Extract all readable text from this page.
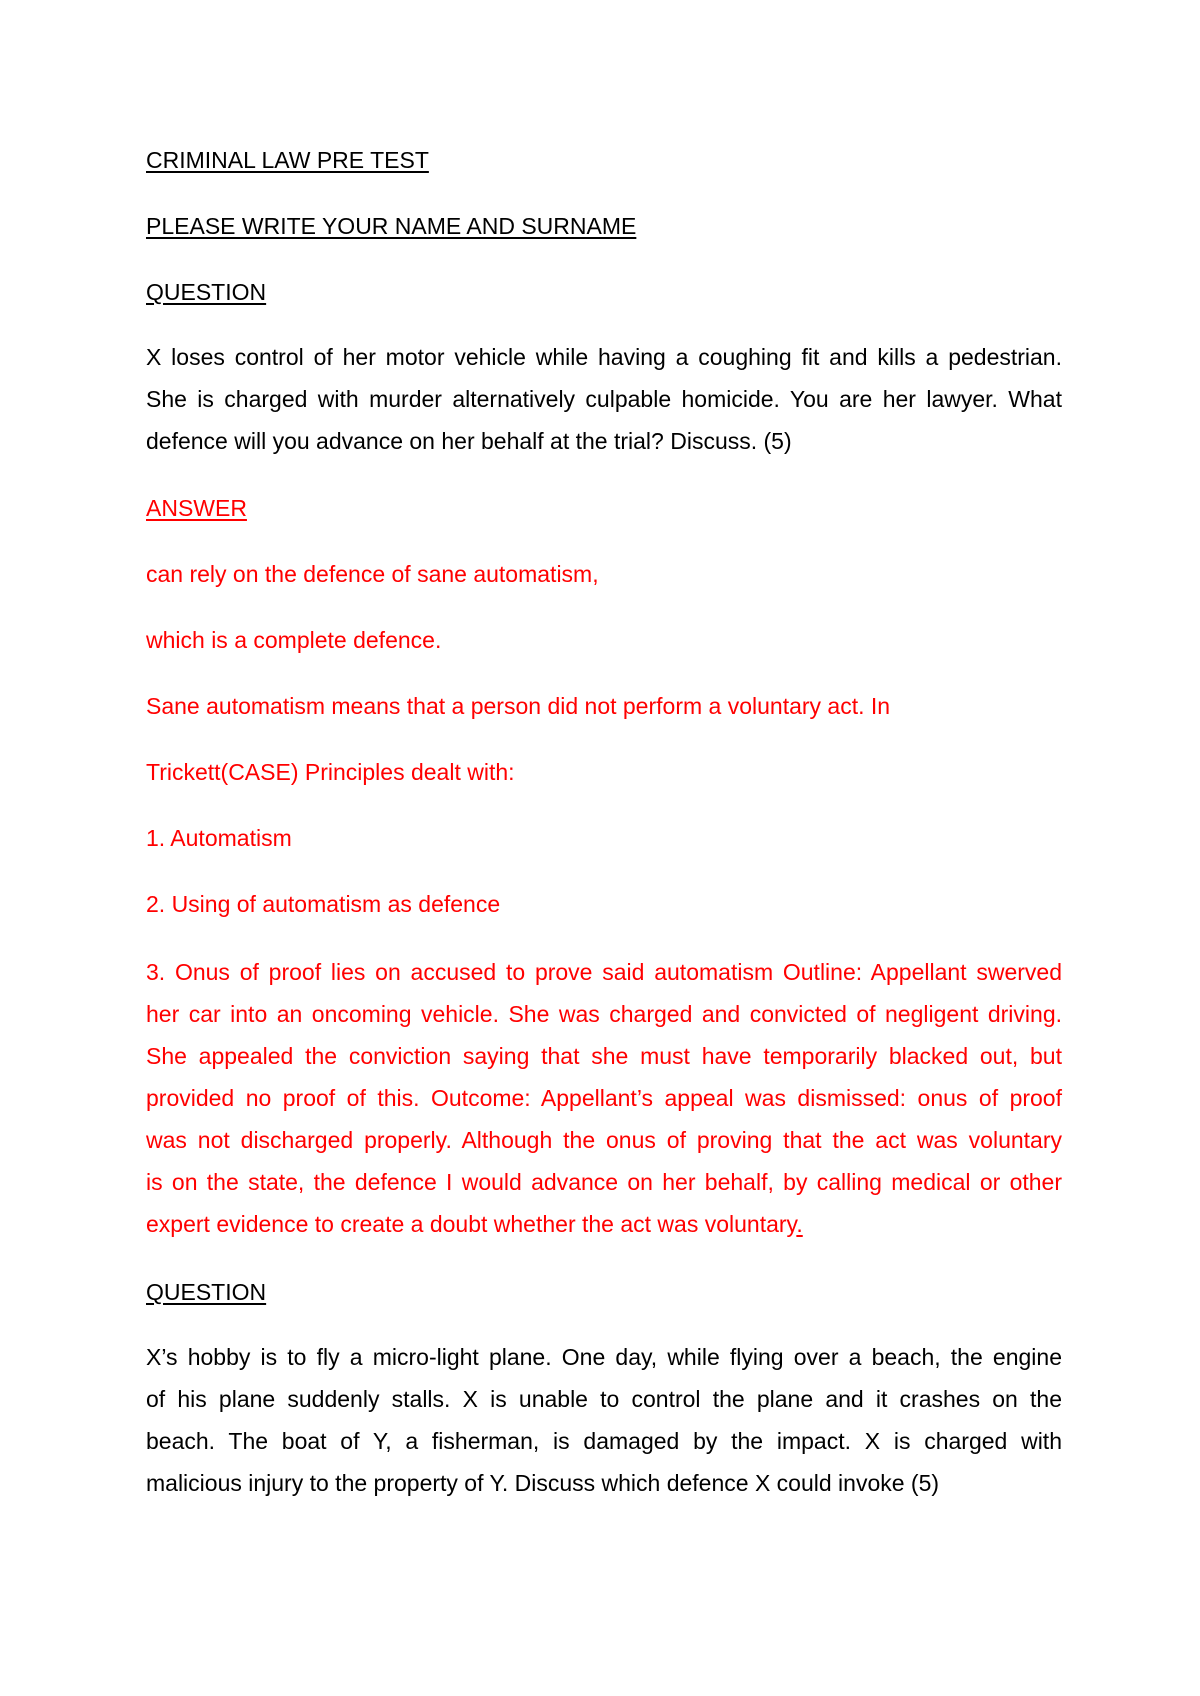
CRIMINAL LAW PRE TEST

PLEASE WRITE YOUR NAME AND SURNAME

QUESTION

X loses control of her motor vehicle while having a coughing fit and kills a pedestrian.

She is charged with murder alternatively culpable homicide. You are her lawyer. What

defence will you advance on her behalf at the trial? Discuss. (5)

ANSWER

can rely on the defence of sane automatism,

which is a complete defence.

Sane automatism means that a person did not perform a voluntary act. In

Trickett(CASE) Principles dealt with:

1. Automatism

2. Using of automatism as defence

3. Onus of proof lies on accused to prove said automatism Outline: Appellant swerved

her car into an oncoming vehicle. She was charged and convicted of negligent driving.

She appealed the conviction saying that she must have temporarily blacked out, but

provided no proof of this. Outcome: Appellant’s appeal was dismissed: onus of proof

was not discharged properly. Although the onus of proving that the act was voluntary

is on the state, the defence I would advance on her behalf, by calling medical or other

expert evidence to create a doubt whether the act was voluntary.

QUESTION

X’s hobby is to fly a micro-light plane. One day, while flying over a beach, the engine

of his plane suddenly stalls. X is unable to control the plane and it crashes on the

beach. The boat of Y, a fisherman, is damaged by the impact. X is charged with

malicious injury to the property of Y. Discuss which defence X could invoke (5)
